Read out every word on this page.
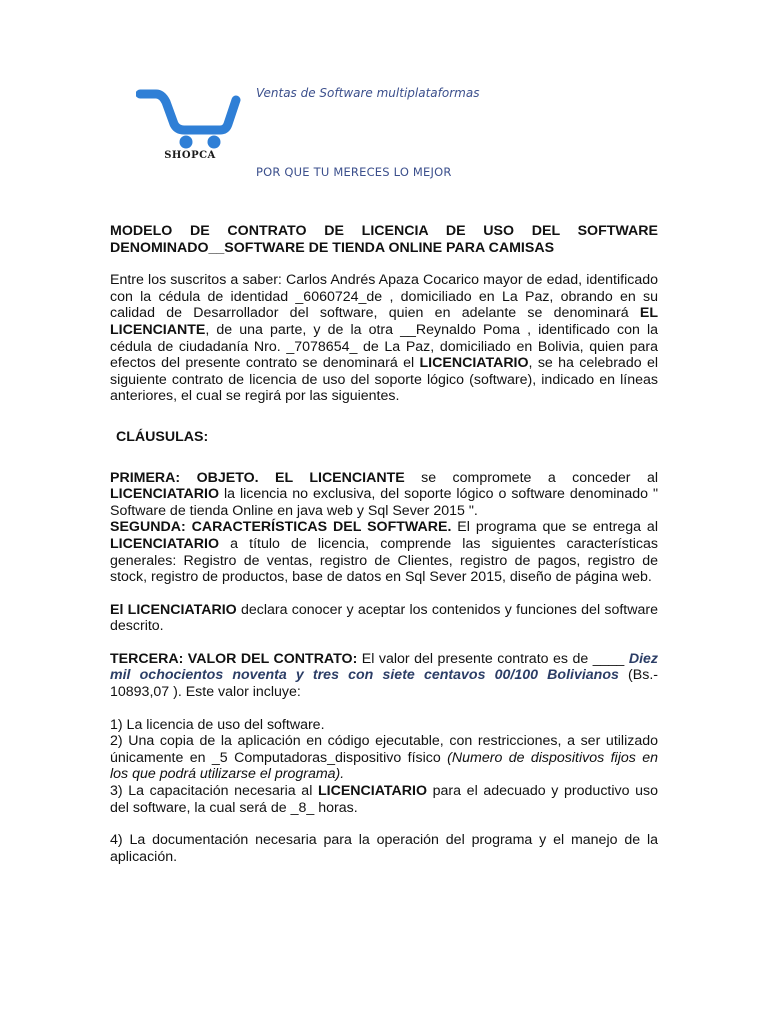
SHOPCA
Ventas de Software multiplataformas
POR QUE TU MERECES LO MEJOR

MODELO DE CONTRATO DE LICENCIA DE USO DEL SOFTWARE DENOMINADO__SOFTWARE DE TIENDA ONLINE PARA CAMISAS

Entre los suscritos a saber: Carlos Andrés Apaza Cocarico mayor de edad, identificado con la cédula de identidad _6060724_de , domiciliado en La Paz, obrando en su calidad de Desarrollador del software, quien en adelante se denominará EL LICENCIANTE, de una parte, y de la otra __Reynaldo Poma , identificado con la cédula de ciudadanía Nro. _7078654_ de La Paz, domiciliado en Bolivia, quien para efectos del presente contrato se denominará el LICENCIATARIO, se ha celebrado el siguiente contrato de licencia de uso del soporte lógico (software), indicado en líneas anteriores, el cual se regirá por las siguientes.

CLÁUSULAS:

PRIMERA: OBJETO. EL LICENCIANTE se compromete a conceder al LICENCIATARIO la licencia no exclusiva, del soporte lógico o software denominado " Software de tienda Online en java web y Sql Sever 2015 ".

SEGUNDA: CARACTERÍSTICAS DEL SOFTWARE. El programa que se entrega al LICENCIATARIO a título de licencia, comprende las siguientes características generales: Registro de ventas, registro de Clientes, registro de pagos, registro de stock, registro de productos, base de datos en Sql Sever 2015, diseño de página web.

El LICENCIATARIO declara conocer y aceptar los contenidos y funciones del software descrito.

TERCERA: VALOR DEL CONTRATO: El valor del presente contrato es de ____ Diez mil ochocientos noventa y tres con siete centavos 00/100 Bolivianos (Bs.- 10893,07 ). Este valor incluye:

1) La licencia de uso del software.

2) Una copia de la aplicación en código ejecutable, con restricciones, a ser utilizado únicamente en _5 Computadoras_dispositivo físico (Numero de dispositivos fijos en los que podrá utilizarse el programa).

3) La capacitación necesaria al LICENCIATARIO para el adecuado y productivo uso del software, la cual será de _8_ horas.

4) La documentación necesaria para la operación del programa y el manejo de la aplicación.
